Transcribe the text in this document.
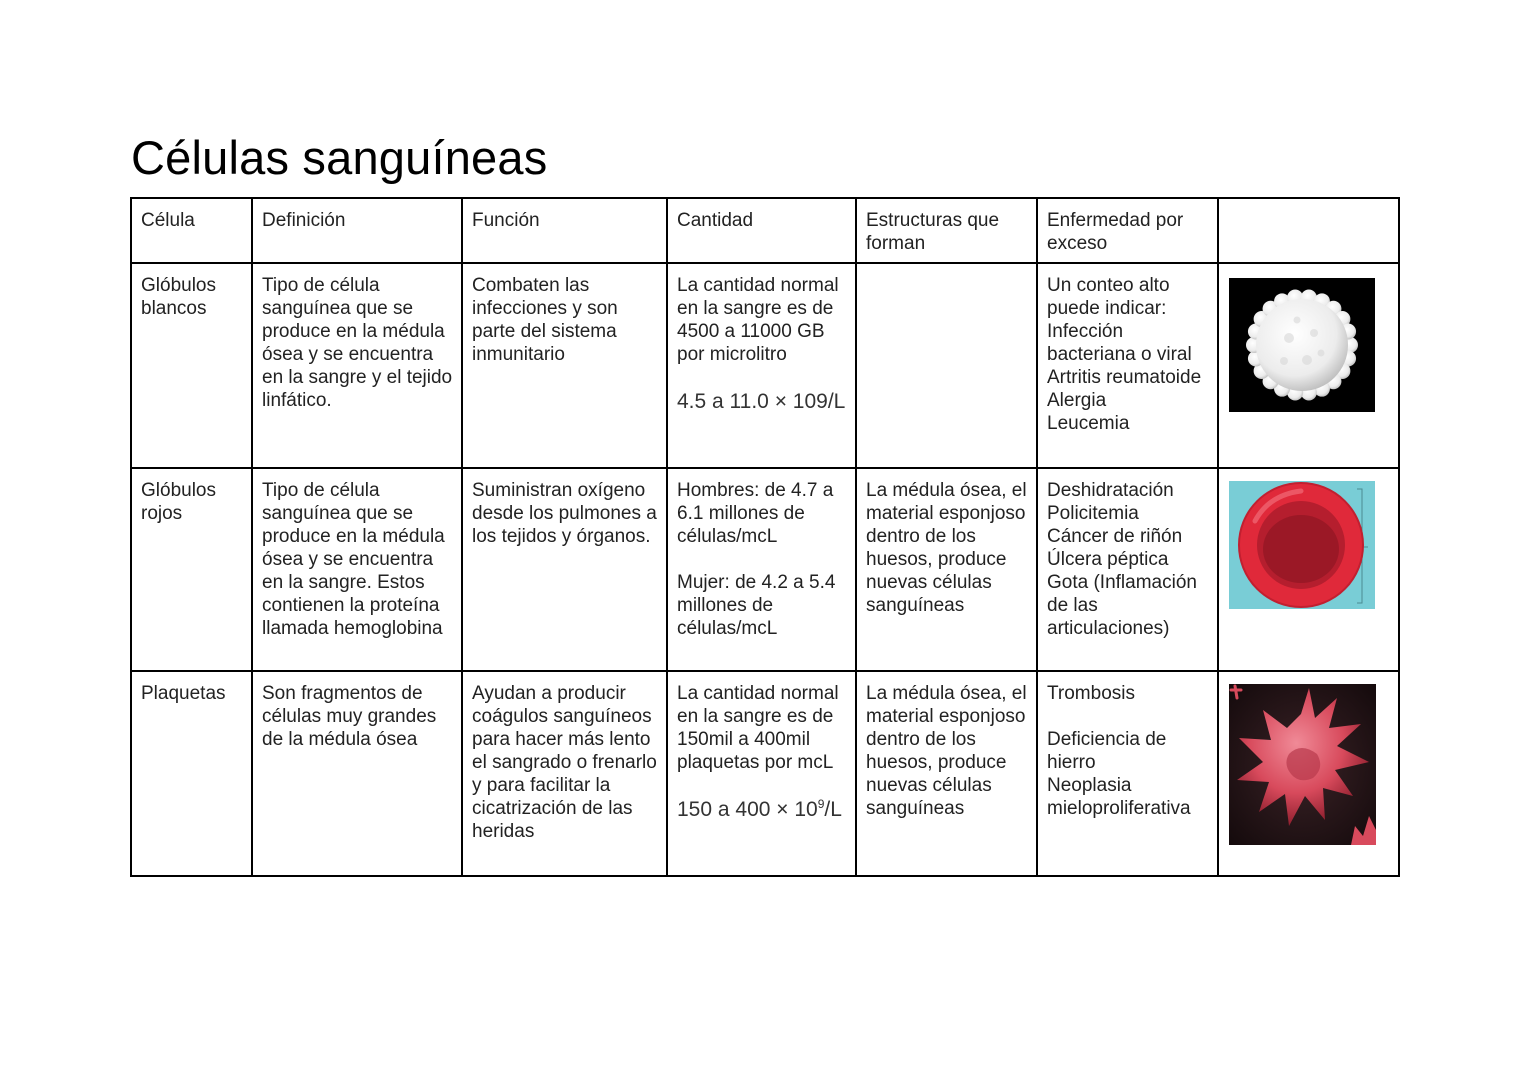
Células sanguíneas
Célula	Definición	Función	Cantidad	Estructuras que forman	Enfermedad por exceso	
Glóbulos blancos	Tipo de célula sanguínea que se produce en la médula ósea y se encuentra en la sangre y el tejido linfático.	Combaten las infecciones y son parte del sistema inmunitario	La cantidad normal en la sangre es de 4500 a 11000 GB por microlitro
4.5 a 11.0 × 109/L		Un conteo alto puede indicar:
Infección bacteriana o viral
Artritis reumatoide
Alergia
Leucemia

Glóbulos rojos	Tipo de célula sanguínea que se produce en la médula ósea y se encuentra en la sangre. Estos contienen la proteína llamada hemoglobina	Suministran oxígeno desde los pulmones a los tejidos y órganos.	Hombres: de 4.7 a 6.1 millones de células/mcL
Mujer: de 4.2 a 5.4 millones de células/mcL	La médula ósea, el material esponjoso dentro de los huesos, produce nuevas células sanguíneas	Deshidratación
Policitemia
Cáncer de riñón
Úlcera péptica
Gota (Inflamación de las articulaciones)

Plaquetas	Son fragmentos de células muy grandes de la médula ósea	Ayudan a producir coágulos sanguíneos para hacer más lento el sangrado o frenarlo y para facilitar la cicatrización de las heridas	La cantidad normal en la sangre es de 150mil a 400mil plaquetas por mcL
150 a $400 \times 10^9/L$	La médula ósea, el material esponjoso dentro de los huesos, produce nuevas células sanguíneas	Trombosis
Deficiencia de hierro
Neoplasia mieloproliferativa
